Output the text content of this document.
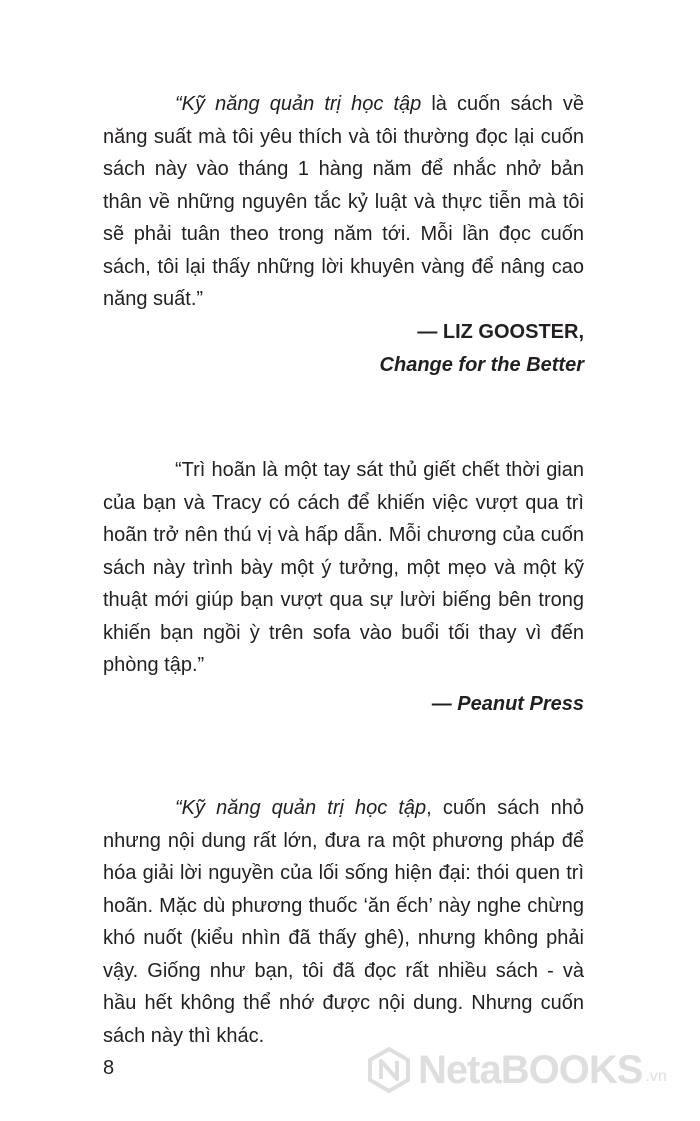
“Kỹ năng quản trị học tập là cuốn sách về năng suất mà tôi yêu thích và tôi thường đọc lại cuốn sách này vào tháng 1 hàng năm để nhắc nhở bản thân về những nguyên tắc kỷ luật và thực tiễn mà tôi sẽ phải tuân theo trong năm tới. Mỗi lần đọc cuốn sách, tôi lại thấy những lời khuyên vàng để nâng cao năng suất.”

— LIZ GOOSTER,
Change for the Better

“Trì hoãn là một tay sát thủ giết chết thời gian của bạn và Tracy có cách để khiến việc vượt qua trì hoãn trở nên thú vị và hấp dẫn. Mỗi chương của cuốn sách này trình bày một ý tưởng, một mẹo và một kỹ thuật mới giúp bạn vượt qua sự lười biếng bên trong khiến bạn ngồi ỳ trên sofa vào buổi tối thay vì đến phòng tập.”

— Peanut Press

“Kỹ năng quản trị học tập, cuốn sách nhỏ nhưng nội dung rất lớn, đưa ra một phương pháp để hóa giải lời nguyền của lối sống hiện đại: thói quen trì hoãn. Mặc dù phương thuốc ‘ăn ếch’ này nghe chừng khó nuốt (kiểu nhìn đã thấy ghê), nhưng không phải vậy. Giống như bạn, tôi đã đọc rất nhiều sách - và hầu hết không thể nhớ được nội dung. Nhưng cuốn sách này thì khác.

8	NetaBOOKS .vn
